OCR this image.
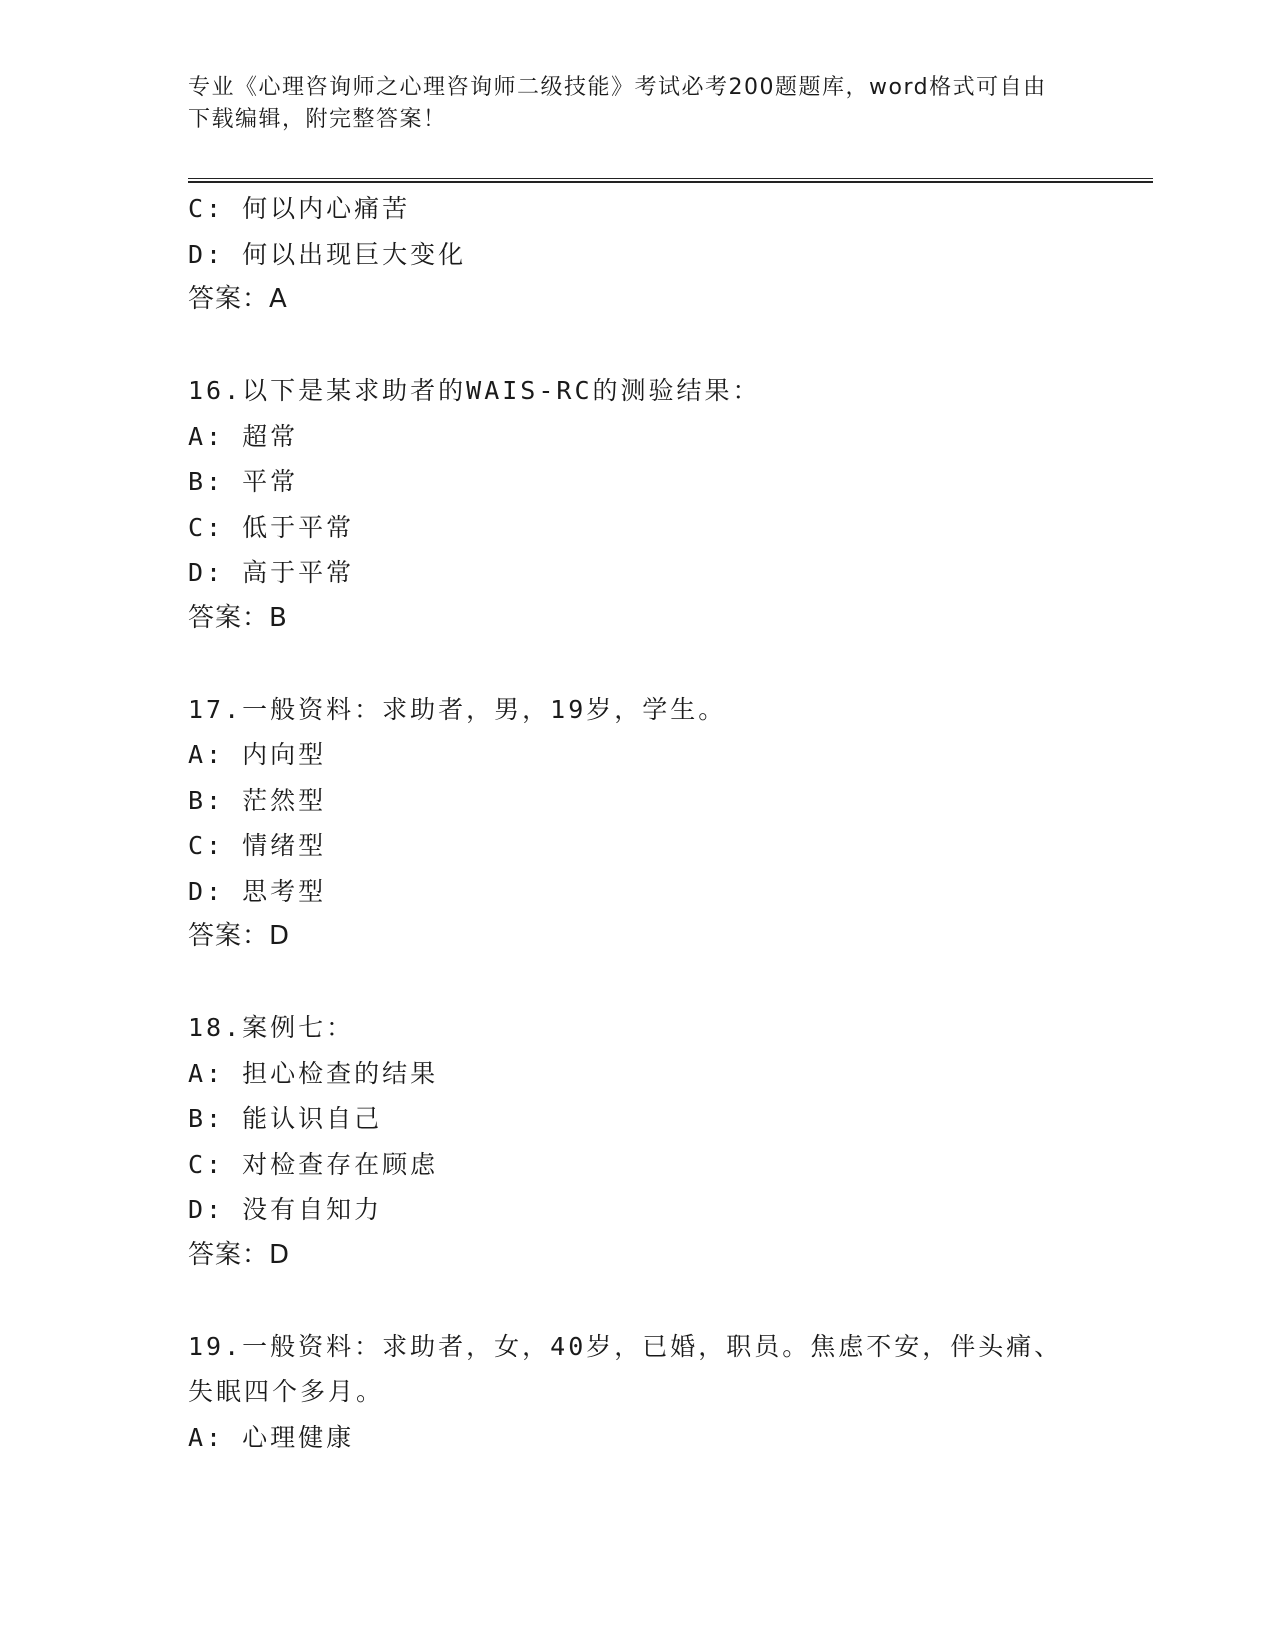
专业《心理咨询师之心理咨询师二级技能》考试必考200题题库，word格式可自由下载编辑，附完整答案！
C: 何以内心痛苦
D: 何以出现巨大变化
答案：A
16.以下是某求助者的WAIS-RC的测验结果：
A: 超常
B: 平常
C: 低于平常
D: 高于平常
答案：B
17.一般资料：求助者，男，19岁，学生。
A: 内向型
B: 茫然型
C: 情绪型
D: 思考型
答案：D
18.案例七：
A: 担心检查的结果
B: 能认识自己
C: 对检查存在顾虑
D: 没有自知力
答案：D
19.一般资料：求助者，女，40岁，已婚，职员。焦虑不安，伴头痛、失眠四个多月。
A: 心理健康
